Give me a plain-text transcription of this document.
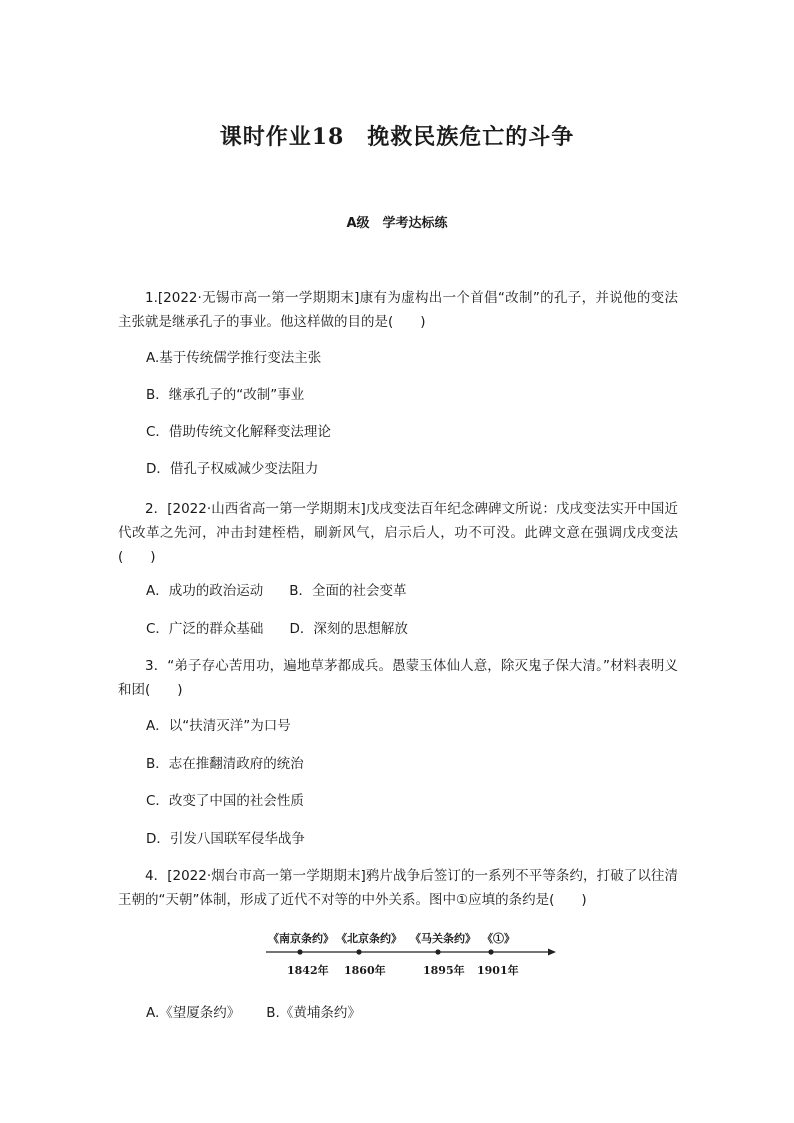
课时作业18　挽救民族危亡的斗争
A级　学考达标练
1.[2022·无锡市高一第一学期期末]康有为虚构出一个首倡“改制”的孔子，并说他的变法主张就是继承孔子的事业。他这样做的目的是(　　)
A.基于传统儒学推行变法主张
B．继承孔子的“改制”事业
C．借助传统文化解释变法理论
D．借孔子权威减少变法阻力
2．[2022·山西省高一第一学期期末]戊戌变法百年纪念碑碑文所说：戊戌变法实开中国近代改革之先河，冲击封建桎梏，刷新风气，启示后人，功不可没。此碑文意在强调戊戌变法(　　)
A．成功的政治运动 B．全面的社会变革
C．广泛的群众基础 D．深刻的思想解放
3．“弟子存心苦用功，遍地草茅都成兵。愚蒙玉体仙人意，除灭鬼子保大清。”材料表明义和团(　　)
A．以“扶清灭洋”为口号
B．志在推翻清政府的统治
C．改变了中国的社会性质
D．引发八国联军侵华战争
4．[2022·烟台市高一第一学期期末]鸦片战争后签订的一系列不平等条约，打破了以往清王朝的“天朝”体制，形成了近代不对等的中外关系。图中①应填的条约是(　　)
《南京条约》 《北京条约》 《马关条约》 《①》
1842年 1860年	1895年 1901年
A.《望厦条约》 B.《黄埔条约》
